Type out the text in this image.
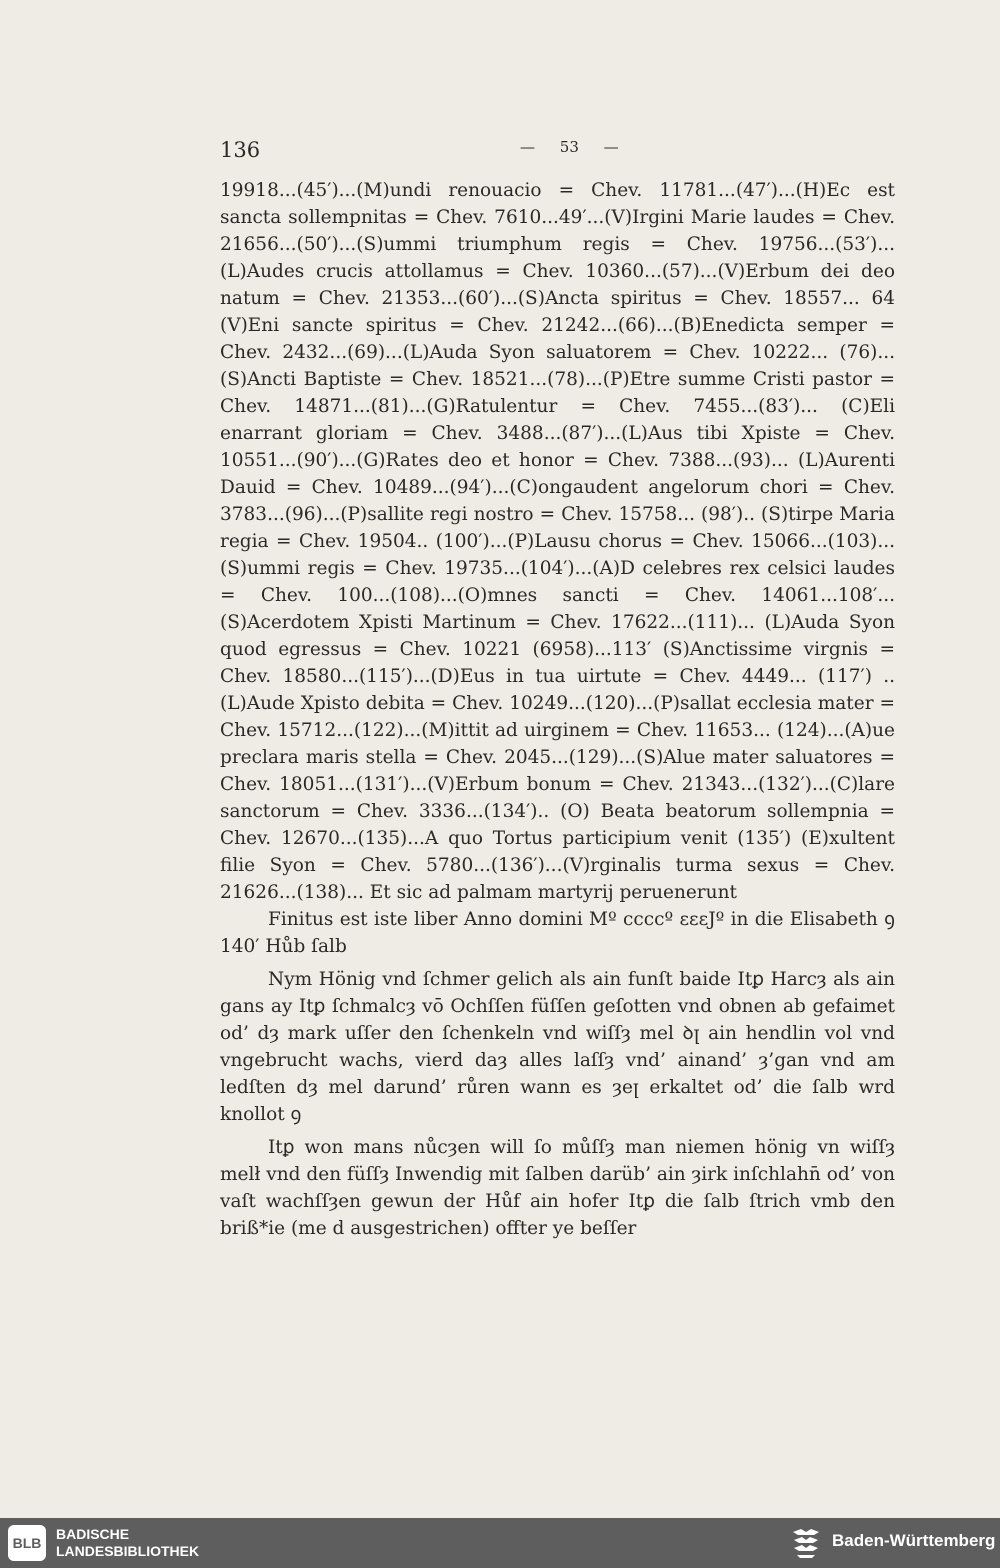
136	— 53 —

19918...(45′)...(M)undi renouacio = Chev. 11781...(47′)...(H)Ec est sancta sollempnitas = Chev. 7610...49′...(V)Irgini Marie laudes = Chev. 21656...(50′)...(S)ummi triumphum regis = Chev. 19756...(53′)... (L)Audes crucis attollamus = Chev. 10360...(57)...(V)Erbum dei deo natum = Chev. 21353...(60′)...(S)Ancta spiritus = Chev. 18557... 64 (V)Eni sancte spiritus = Chev. 21242...(66)...(B)Enedicta semper = Chev. 2432...(69)...(L)Auda Syon saluatorem = Chev. 10222... (76)...(S)Ancti Baptiste = Chev. 18521...(78)...(P)Etre summe Cristi pastor = Chev. 14871...(81)...(G)Ratulentur = Chev. 7455...(83′)... (C)Eli enarrant gloriam = Chev. 3488...(87′)...(L)Aus tibi Xpiste = Chev. 10551...(90′)...(G)Rates deo et honor = Chev. 7388...(93)... (L)Aurenti Dauid = Chev. 10489...(94′)...(C)ongaudent angelorum chori = Chev. 3783...(96)...(P)sallite regi nostro = Chev. 15758... (98′).. (S)tirpe Maria regia = Chev. 19504.. (100′)...(P)Lausu chorus = Chev. 15066...(103)...(S)ummi regis = Chev. 19735...(104′)...(A)D celebres rex celsici laudes = Chev. 100...(108)...(O)mnes sancti = Chev. 14061...108′...(S)Acerdotem Xpisti Martinum = Chev. 17622...(111)... (L)Auda Syon quod egressus = Chev. 10221 (6958)...113′ (S)Anctissime virgnis = Chev. 18580...(115′)...(D)Eus in tua uirtute = Chev. 4449... (117′) ..(L)Aude Xpisto debita = Chev. 10249...(120)...(P)sallat ecclesia mater = Chev. 15712...(122)...(M)ittit ad uirginem = Chev. 11653... (124)...(A)ue preclara maris stella = Chev. 2045...(129)...(S)Alue mater saluatores = Chev. 18051...(131′)...(V)Erbum bonum = Chev. 21343...(132′)...(C)lare sanctorum = Chev. 3336...(134′).. (O) Beata beatorum sollempnia = Chev. 12670...(135)...A quo Tortus participium venit (135′) (E)xultent filie Syon = Chev. 5780...(136′)...(V)rginalis turma sexus = Chev. 21626...(138)... Et sic ad palmam martyrij peruenerunt

Finitus est iste liber Anno domini Mº ccccº ɛɛɛJº in die Elisabeth ꝯ 140′ Hůb ſalb

Nym Hönig vnd ſchmer gelich als ain funſt baide Itꝑ Harcȝ als ain gans ay Itꝑ ſchmalcȝ vō Ochſſen füſſen geſotten vnd obnen ab gefaimet od’ dȝ mark uſſer den ſchenkeln vnd wiſſȝ mel ꝺꞁ ain hendlin vol vnd vngebrucht wachs, vierd daȝ alles laſſȝ vnd’ ainand’ ȝ’gan vnd am ledſten dȝ mel darund’ růren wann es ȝeꞁ erkaltet od’ die ſalb wrd knollot ꝯ

Itꝑ won mans nůcȝen will ſo můſſȝ man niemen hönig vn wiſſȝ melł vnd den füſſȝ Inwendig mit ſalben darüb’ ain ȝirk inſchlahn̄ od’ von vaſt wachſſȝen gewun der Hůf ain hofer Itꝑ die ſalb ſtrich vmb den briß*ie (me d ausgestrichen) offter ye beſſer

BLB
BADISCHE
LANDESBIBLIOTHEK
Baden-Württemberg
